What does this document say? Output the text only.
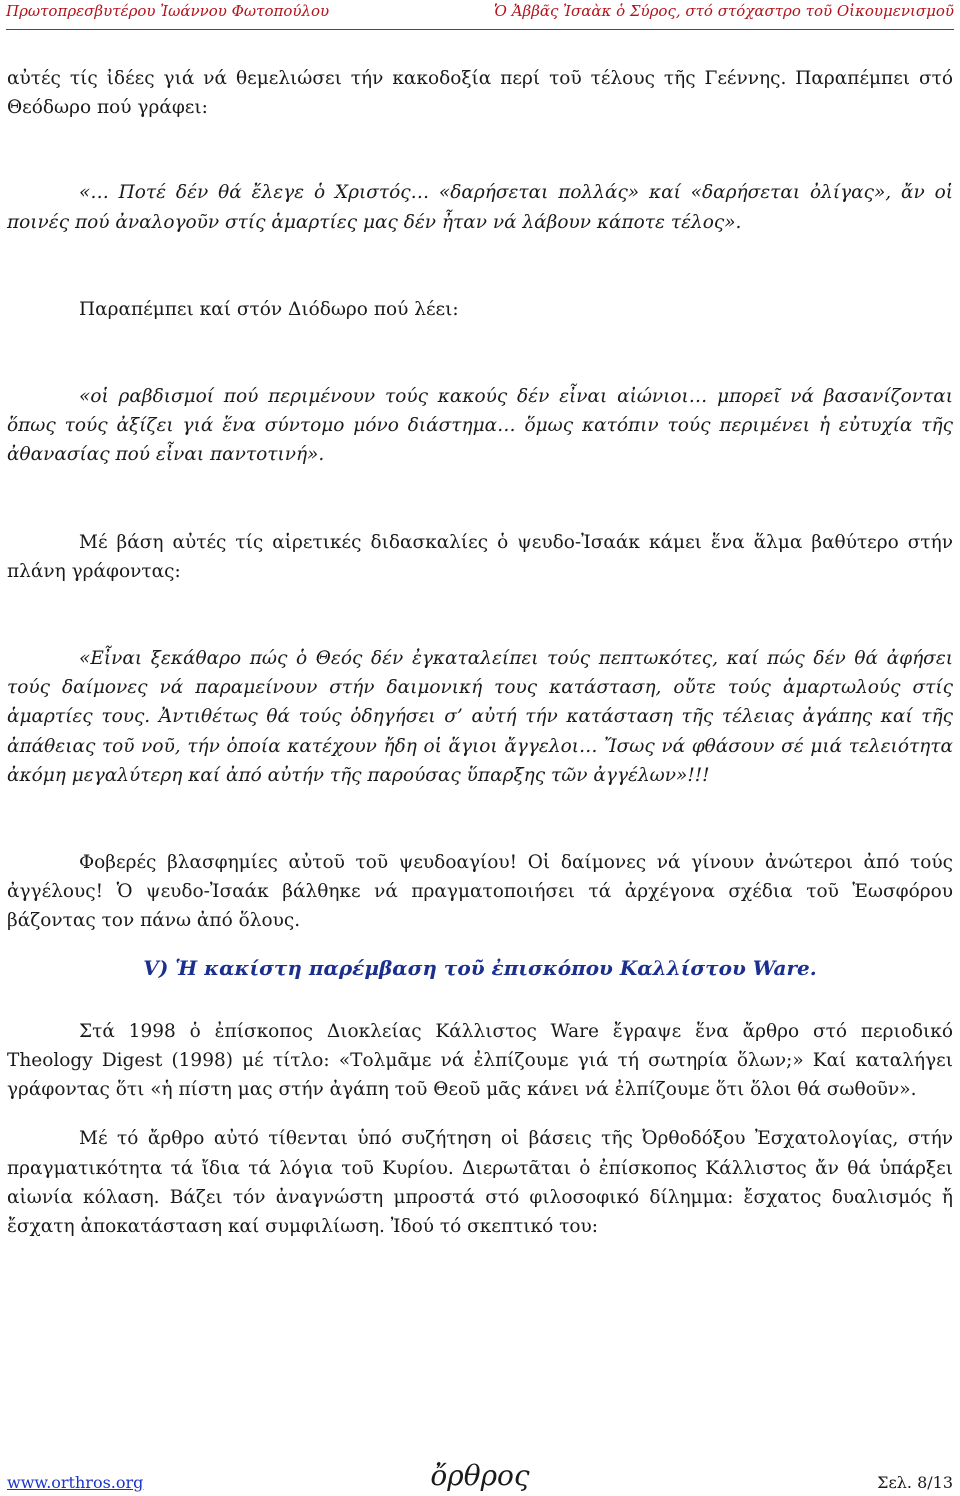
Πρωτοπρεσβυτέρου Ἰωάννου Φωτοπούλου	Ὁ Ἀββᾶς Ἰσαὰκ ὁ Σύρος, στό στόχαστρο τοῦ Οἰκουμενισμοῦ

αὐτές τίς ἰδέες γιά νά θεμελιώσει τήν κακοδοξία περί τοῦ τέλους τῆς Γεέννης. Παραπέμπει στό Θεόδωρο πού γράφει:

«… Ποτέ δέν θά ἔλεγε ὁ Χριστός… «δαρήσεται πολλάς» καί «δαρήσεται ὀλίγας», ἄν οἱ ποινές πού ἀναλογοῦν στίς ἁμαρτίες μας δέν ἦταν νά λάβουν κάποτε τέλος».

Παραπέμπει καί στόν Διόδωρο πού λέει:

«οἱ ραβδισμοί πού περιμένουν τούς κακούς δέν εἶναι αἰώνιοι… μπορεῖ νά βασανίζονται ὅπως τούς ἀξίζει γιά ἕνα σύντομο μόνο διάστημα… ὅμως κατόπιν τούς περιμένει ἡ εὐτυχία τῆς ἀθανασίας πού εἶναι παντοτινή».

Μέ βάση αὐτές τίς αἱρετικές διδασκαλίες ὁ ψευδο-Ἰσαάκ κάμει ἕνα ἅλμα βαθύτερο στήν πλάνη γράφοντας:

«Εἶναι ξεκάθαρο πώς ὁ Θεός δέν ἐγκαταλείπει τούς πεπτωκότες, καί πώς δέν θά ἀφήσει τούς δαίμονες νά παραμείνουν στήν δαιμονική τους κατάσταση, οὔτε τούς ἁμαρτωλούς στίς ἁμαρτίες τους. Ἀντιθέτως θά τούς ὁδηγήσει σ’ αὐτή τήν κατάσταση τῆς τέλειας ἀγάπης καί τῆς ἀπάθειας τοῦ νοῦ, τήν ὁποία κατέχουν ἤδη οἱ ἅγιοι ἄγγελοι… Ἴσως νά φθάσουν σέ μιά τελειότητα ἀκόμη μεγαλύτερη καί ἀπό αὐτήν τῆς παρούσας ὕπαρξης τῶν ἀγγέλων»!!!

Φοβερές βλασφημίες αὐτοῦ τοῦ ψευδοαγίου! Οἱ δαίμονες νά γίνουν ἀνώτεροι ἀπό τούς ἀγγέλους! Ὁ ψευδο-Ἰσαάκ βάλθηκε νά πραγματοποιήσει τά ἀρχέγονα σχέδια τοῦ Ἑωσφόρου βάζοντας τον πάνω ἀπό ὅλους.

V) Ἡ κακίστη παρέμβαση τοῦ ἐπισκόπου Καλλίστου Ware.

Στά 1998 ὁ ἐπίσκοπος Διοκλείας Κάλλιστος Ware ἔγραψε ἕνα ἄρθρο στό περιοδικό Theology Digest (1998) μέ τίτλο: «Τολμᾶμε νά ἐλπίζουμε γιά τή σωτηρία ὅλων;» Καί καταλήγει γράφοντας ὅτι «ἡ πίστη μας στήν ἀγάπη τοῦ Θεοῦ μᾶς κάνει νά ἐλπίζουμε ὅτι ὅλοι θά σωθοῦν».

Μέ τό ἄρθρο αὐτό τίθενται ὑπό συζήτηση οἱ βάσεις τῆς Ὀρθοδόξου Ἐσχατολογίας, στήν πραγματικότητα τά ἴδια τά λόγια τοῦ Κυρίου. Διερωτᾶται ὁ ἐπίσκοπος Κάλλιστος ἄν θά ὑπάρξει αἰωνία κόλαση. Βάζει τόν ἀναγνώστη μπροστά στό φιλοσοφικό δίλημμα: ἔσχατος δυαλισμός ἤ ἔσχατη ἀποκατάσταση καί συμφιλίωση. Ἰδού τό σκεπτικό του:

www.orthros.org	ὄρθρος	Σελ. 8/13
